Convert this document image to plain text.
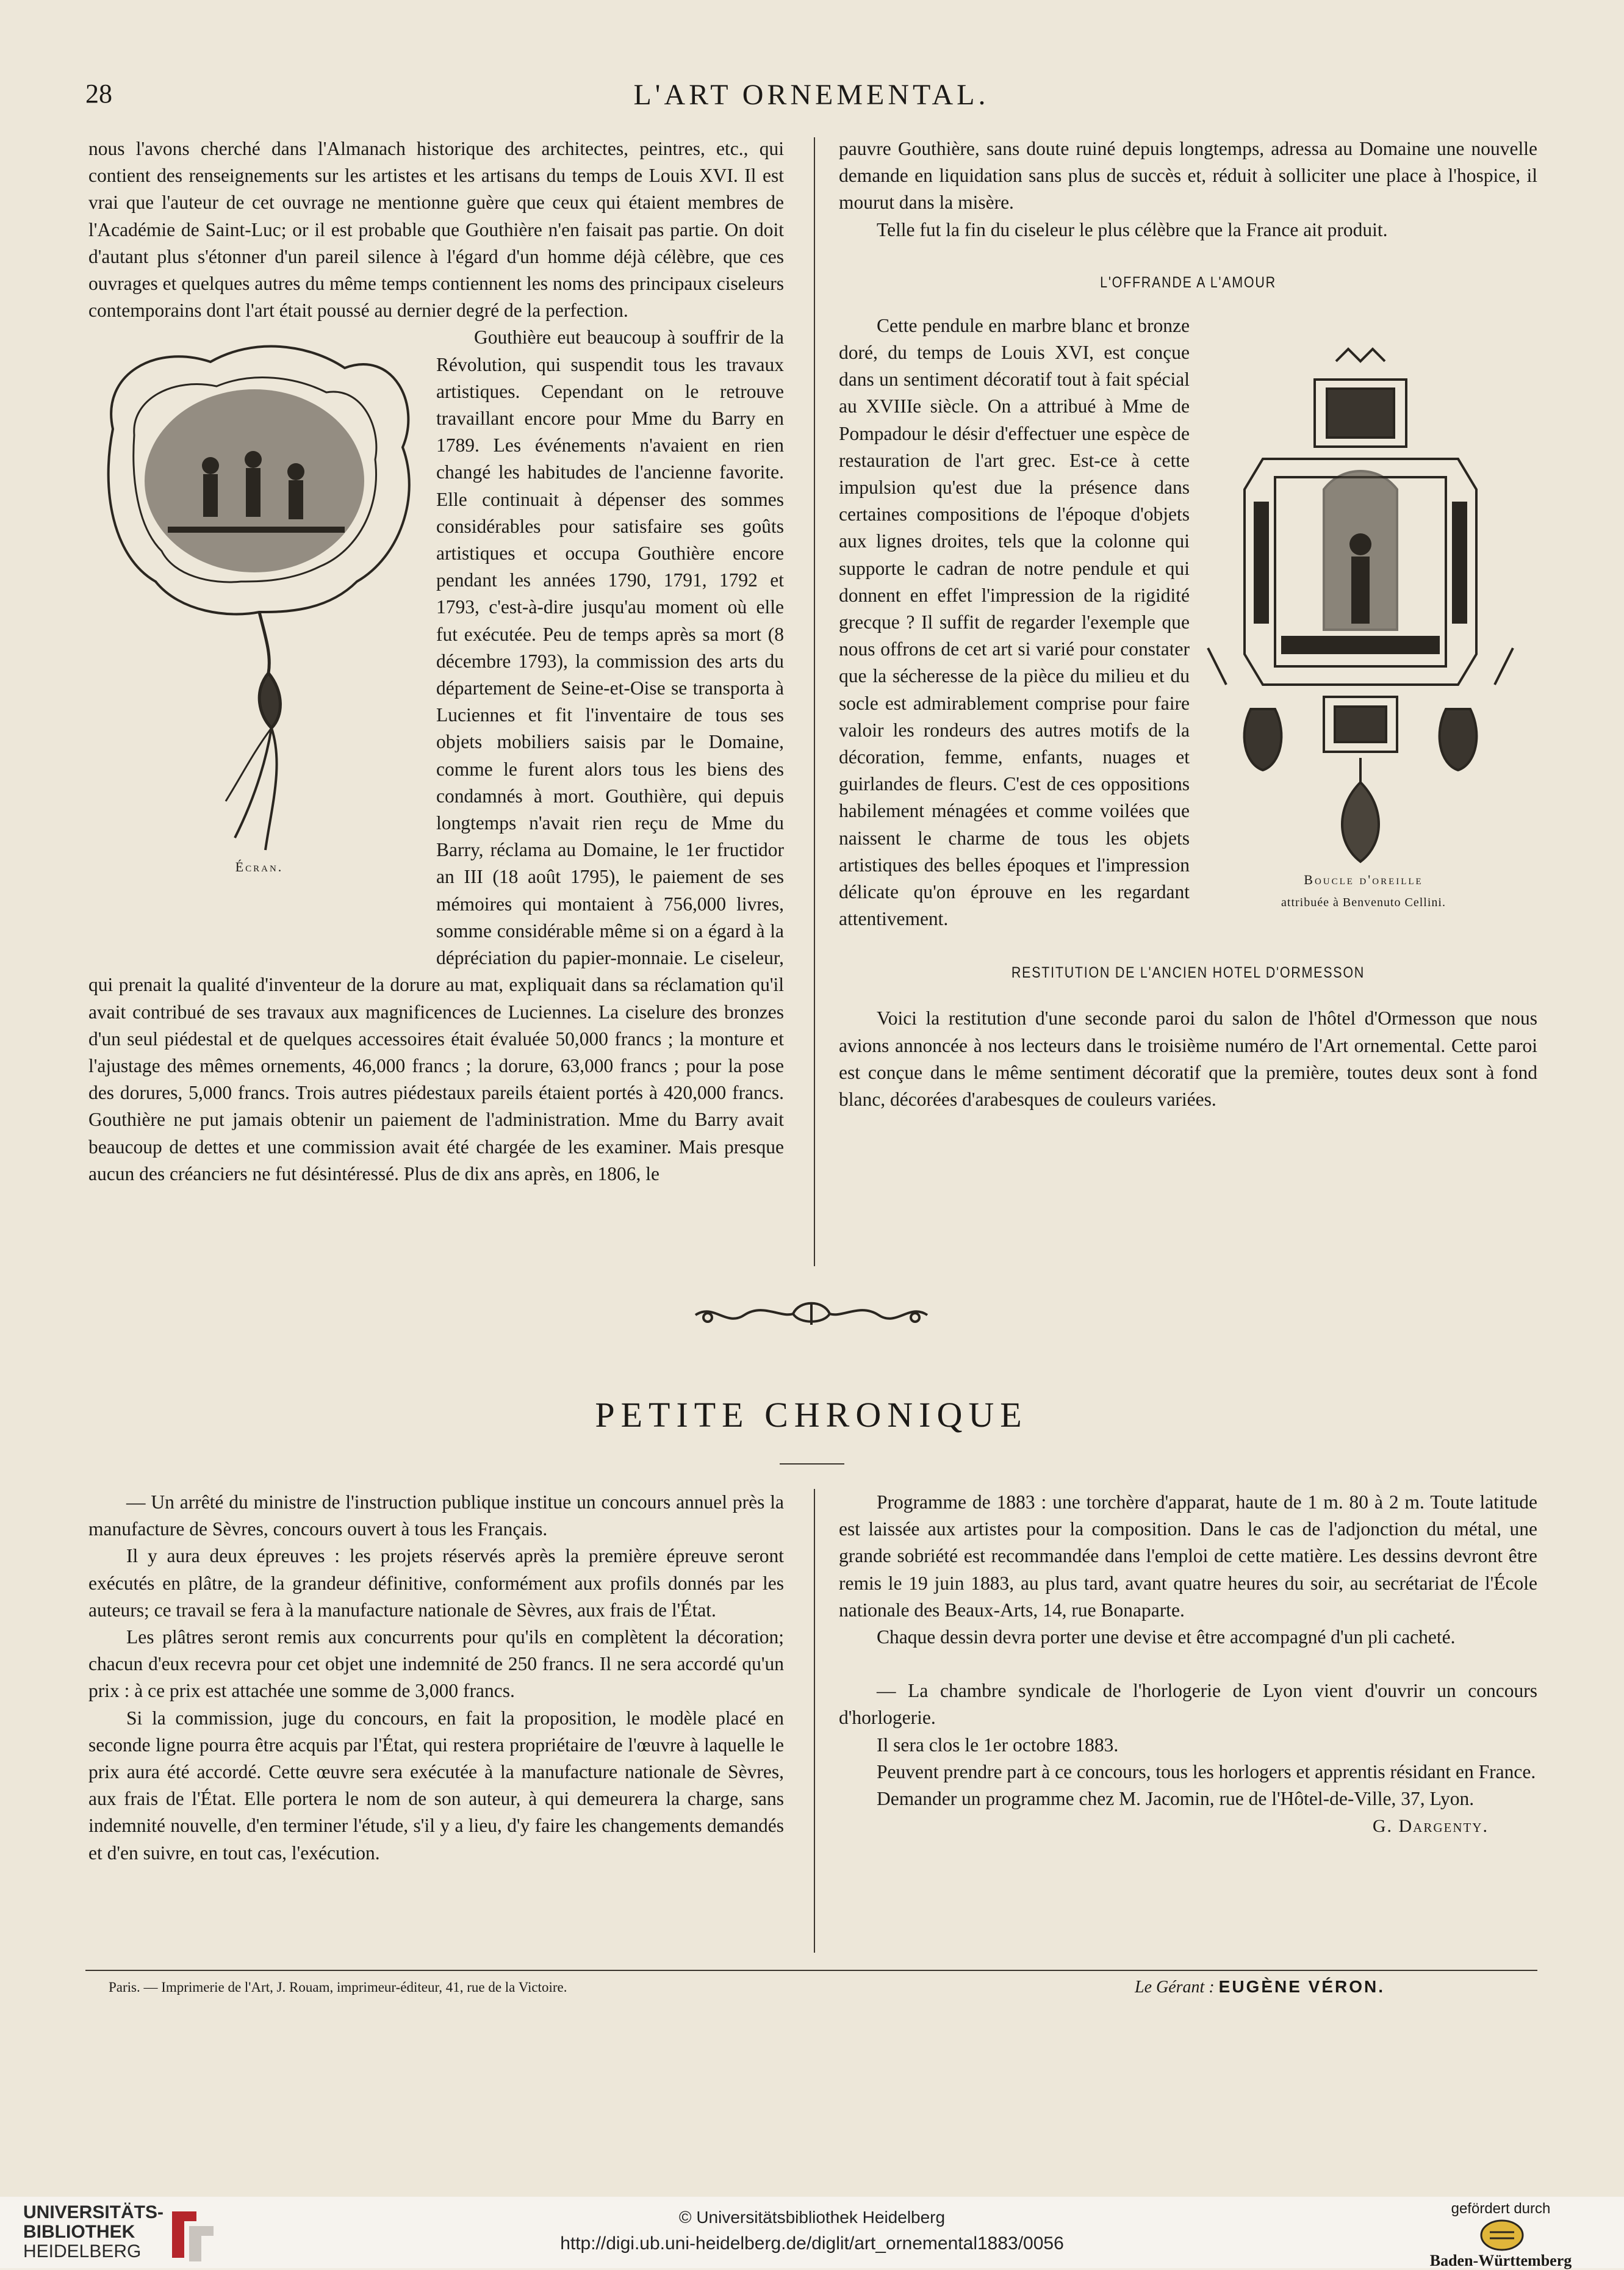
28	L'ART ORNEMENTAL.

nous l'avons cherché dans l'Almanach historique des architectes, peintres, etc., qui contient des renseignements sur les artistes et les artisans du temps de Louis XVI. Il est vrai que l'auteur de cet ouvrage ne mentionne guère que ceux qui étaient membres de l'Académie de Saint-Luc; or il est probable que Gouthière n'en faisait pas partie. On doit d'autant plus s'étonner d'un pareil silence à l'égard d'un homme déjà célèbre, que ces ouvrages et quelques autres du même temps contiennent les noms des principaux ciseleurs contemporains dont l'art était poussé au dernier degré de la perfection.

Écran.

Gouthière eut beaucoup à souffrir de la Révolution, qui suspendit tous les travaux artistiques. Cependant on le retrouve travaillant encore pour Mme du Barry en 1789. Les événements n'avaient en rien changé les habitudes de l'ancienne favorite. Elle continuait à dépenser des sommes considérables pour satisfaire ses goûts artistiques et occupa Gouthière encore pendant les années 1790, 1791, 1792 et 1793, c'est-à-dire jusqu'au moment où elle fut exécutée. Peu de temps après sa mort (8 décembre 1793), la commission des arts du département de Seine-et-Oise se transporta à Luciennes et fit l'inventaire de tous ses objets mobiliers saisis par le Domaine, comme le furent alors tous les biens des condamnés à mort. Gouthière, qui depuis longtemps n'avait rien reçu de Mme du Barry, réclama au Domaine, le 1er fructidor an III (18 août 1795), le paiement de ses mémoires qui montaient à 756,000 livres, somme considérable même si on a égard à la dépréciation du papier-monnaie. Le ciseleur, qui prenait la qualité d'inventeur de la dorure au mat, expliquait dans sa réclamation qu'il avait contribué de ses travaux aux magnificences de Luciennes. La ciselure des bronzes d'un seul piédestal et de quelques accessoires était évaluée 50,000 francs ; la monture et l'ajustage des mêmes ornements, 46,000 francs ; la dorure, 63,000 francs ; pour la pose des dorures, 5,000 francs. Trois autres piédestaux pareils étaient portés à 420,000 francs. Gouthière ne put jamais obtenir un paiement de l'administration. Mme du Barry avait beaucoup de dettes et une commission avait été chargée de les examiner. Mais presque aucun des créanciers ne fut désintéressé. Plus de dix ans après, en 1806, le

pauvre Gouthière, sans doute ruiné depuis longtemps, adressa au Domaine une nouvelle demande en liquidation sans plus de succès et, réduit à solliciter une place à l'hospice, il mourut dans la misère.

Telle fut la fin du ciseleur le plus célèbre que la France ait produit.

L'OFFRANDE A L'AMOUR
Boucle d'oreille
attribuée à Benvenuto Cellini.

Cette pendule en marbre blanc et bronze doré, du temps de Louis XVI, est conçue dans un sentiment décoratif tout à fait spécial au XVIIIe siècle. On a attribué à Mme de Pompadour le désir d'effectuer une espèce de restauration de l'art grec. Est-ce à cette impulsion qu'est due la présence dans certaines compositions de l'époque d'objets aux lignes droites, tels que la colonne qui supporte le cadran de notre pendule et qui donnent en effet l'impression de la rigidité grecque ? Il suffit de regarder l'exemple que nous offrons de cet art si varié pour constater que la sécheresse de la pièce du milieu et du socle est admirablement comprise pour faire valoir les rondeurs des autres motifs de la décoration, femme, enfants, nuages et guirlandes de fleurs. C'est de ces oppositions habilement ménagées et comme voilées que naissent le charme de tous les objets artistiques des belles époques et l'impression délicate qu'on éprouve en les regardant attentivement.

RESTITUTION DE L'ANCIEN HOTEL D'ORMESSON

Voici la restitution d'une seconde paroi du salon de l'hôtel d'Ormesson que nous avions annoncée à nos lecteurs dans le troisième numéro de l'Art ornemental. Cette paroi est conçue dans le même sentiment décoratif que la première, toutes deux sont à fond blanc, décorées d'arabesques de couleurs variées.

PETITE CHRONIQUE

— Un arrêté du ministre de l'instruction publique institue un concours annuel près la manufacture de Sèvres, concours ouvert à tous les Français.

Il y aura deux épreuves : les projets réservés après la première épreuve seront exécutés en plâtre, de la grandeur définitive, conformément aux profils donnés par les auteurs; ce travail se fera à la manufacture nationale de Sèvres, aux frais de l'État.

Les plâtres seront remis aux concurrents pour qu'ils en complètent la décoration; chacun d'eux recevra pour cet objet une indemnité de 250 francs. Il ne sera accordé qu'un prix : à ce prix est attachée une somme de 3,000 francs.

Si la commission, juge du concours, en fait la proposition, le modèle placé en seconde ligne pourra être acquis par l'État, qui restera propriétaire de l'œuvre à laquelle le prix aura été accordé. Cette œuvre sera exécutée à la manufacture nationale de Sèvres, aux frais de l'État. Elle portera le nom de son auteur, à qui demeurera la charge, sans indemnité nouvelle, d'en terminer l'étude, s'il y a lieu, d'y faire les changements demandés et d'en suivre, en tout cas, l'exécution.

Programme de 1883 : une torchère d'apparat, haute de 1 m. 80 à 2 m. Toute latitude est laissée aux artistes pour la composition. Dans le cas de l'adjonction du métal, une grande sobriété est recommandée dans l'emploi de cette matière. Les dessins devront être remis le 19 juin 1883, au plus tard, avant quatre heures du soir, au secrétariat de l'École nationale des Beaux-Arts, 14, rue Bonaparte.

Chaque dessin devra porter une devise et être accompagné d'un pli cacheté.

— La chambre syndicale de l'horlogerie de Lyon vient d'ouvrir un concours d'horlogerie.

Il sera clos le 1er octobre 1883.

Peuvent prendre part à ce concours, tous les horlogers et apprentis résidant en France.

Demander un programme chez M. Jacomin, rue de l'Hôtel-de-Ville, 37, Lyon.

G. Dargenty.
Paris. — Imprimerie de l'Art, J. Rouam, imprimeur-éditeur, 41, rue de la Victoire.	Le Gérant : EUGÈNE VÉRON.
UNIVERSITÄTS-
BIBLIOTHEK
HEIDELBERG
© Universitätsbibliothek Heidelberg
http://digi.ub.uni-heidelberg.de/diglit/art_ornemental1883/0056
gefördert durch
Baden-Württemberg
